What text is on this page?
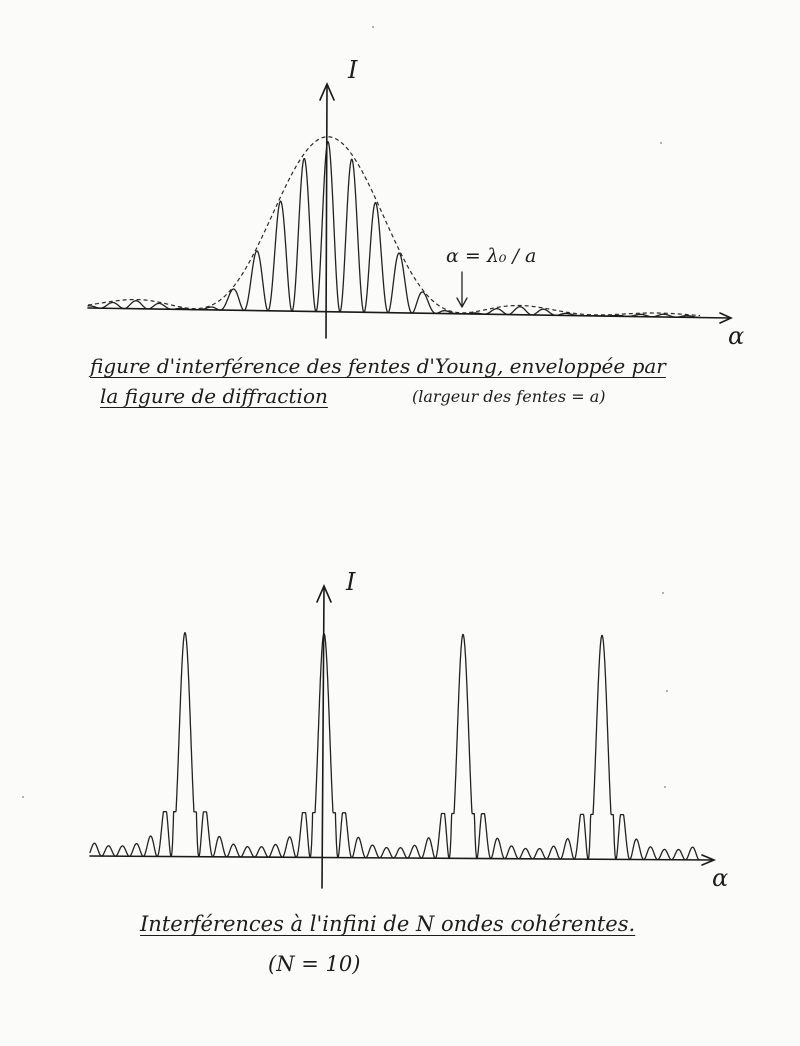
I
α
α = λ₀ / a
figure d'interférence des fentes d'Young, enveloppée par
la figure de diffraction	(largeur des fentes = a)
I
α
Interférences à l'infini de N ondes cohérentes.
(N = 10)
